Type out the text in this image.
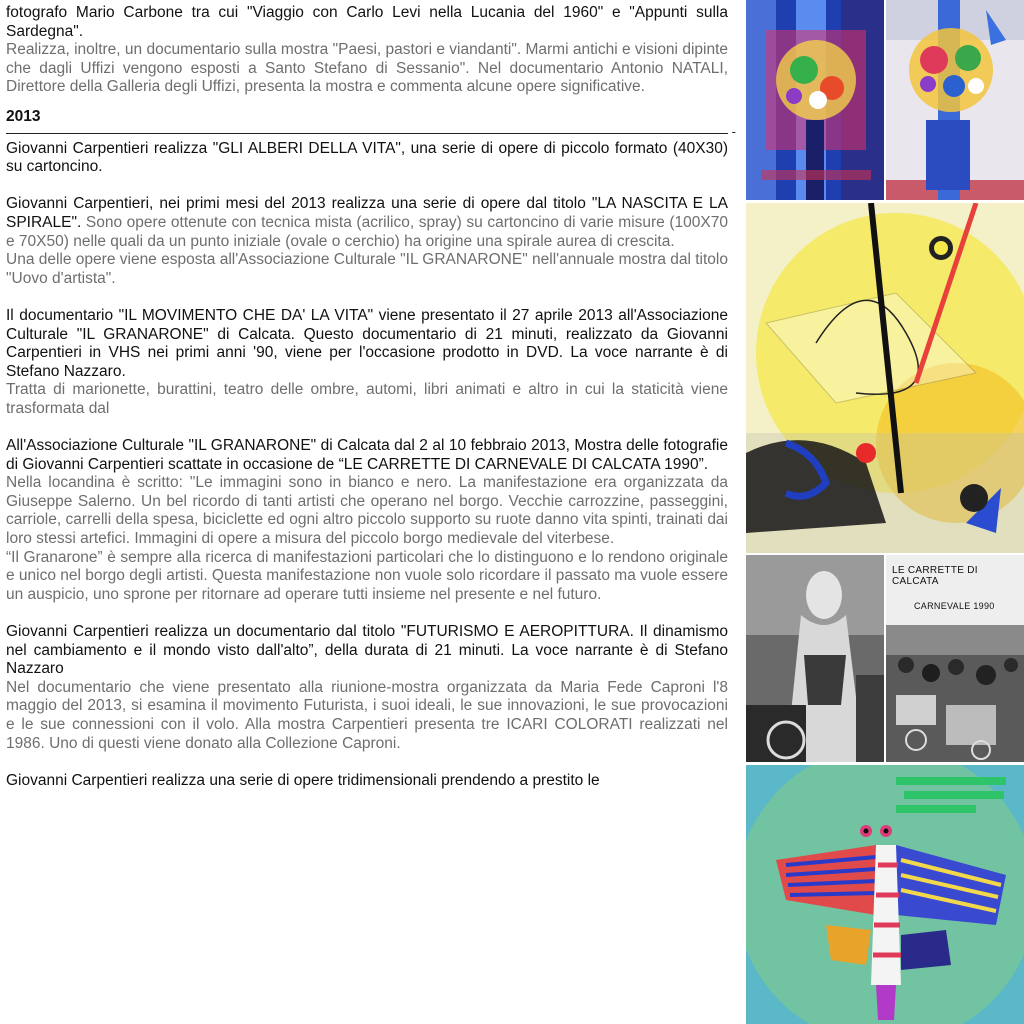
fotografo Mario Carbone tra cui "Viaggio con Carlo Levi nella Lucania del 1960" e "Appunti sulla Sardegna".

Realizza, inoltre, un documentario sulla mostra "Paesi, pastori e viandanti". Marmi antichi e visioni dipinte che dagli Uffizi vengono esposti a Santo Stefano di Sessanio". Nel documentario Antonio NATALI, Direttore della Galleria degli Uffizi, presenta la mostra e commenta alcune opere significative.

2013
-

Giovanni Carpentieri realizza "GLI ALBERI DELLA VITA", una serie di opere di piccolo formato (40X30) su cartoncino.

Giovanni Carpentieri, nei primi mesi del 2013 realizza una serie di opere dal titolo "LA NASCITA E LA SPIRALE". Sono opere ottenute con tecnica mista (acrilico, spray) su cartoncino di varie misure (100X70 e 70X50) nelle quali da un punto iniziale (ovale o cerchio) ha origine una spirale aurea di crescita.

Una delle opere viene esposta all'Associazione Culturale "IL GRANARONE" nell'annuale mostra dal titolo "Uovo d'artista".

Il documentario "IL MOVIMENTO CHE DA' LA VITA" viene presentato il 27 aprile 2013 all'Associazione Culturale "IL GRANARONE" di Calcata. Questo documentario di 21 minuti, realizzato da Giovanni Carpentieri in VHS nei primi anni '90, viene per l'occasione prodotto in DVD. La voce narrante è di Stefano Nazzaro.

Tratta di marionette, burattini, teatro delle ombre, automi, libri animati e altro in cui la staticità viene trasformata dal

All'Associazione Culturale "IL GRANARONE" di Calcata dal 2 al 10 febbraio 2013, Mostra delle fotografie di Giovanni Carpentieri scattate in occasione de “LE CARRETTE DI CARNEVALE DI CALCATA 1990”.

Nella locandina è scritto: "Le immagini sono in bianco e nero. La manifestazione era organizzata da Giuseppe Salerno. Un bel ricordo di tanti artisti che operano nel borgo. Vecchie carrozzine, passeggini, carriole, carrelli della spesa, biciclette ed ogni altro piccolo supporto su ruote danno vita spinti, trainati dai loro stessi artefici. Immagini di opere a misura del piccolo borgo medievale del viterbese.

“Il Granarone” è sempre alla ricerca di manifestazioni particolari che lo distinguono e lo rendono originale e unico nel borgo degli artisti. Questa manifestazione non vuole solo ricordare il passato ma vuole essere un auspicio, uno sprone per ritornare ad operare tutti insieme nel presente e nel futuro.

Giovanni Carpentieri realizza un documentario dal titolo "FUTURISMO E AEROPITTURA. Il dinamismo nel cambiamento e il mondo visto dall'alto”, della durata di 21 minuti. La voce narrante è di Stefano Nazzaro

Nel documentario che viene presentato alla riunione-mostra organizzata da Maria Fede Caproni l'8 maggio del 2013, si esamina il movimento Futurista, i suoi ideali, le sue innovazioni, le sue provocazioni e le sue connessioni con il volo. Alla mostra Carpentieri presenta tre ICARI COLORATI realizzati nel 1986. Uno di questi viene donato alla Collezione Caproni.

Giovanni Carpentieri realizza una serie di opere tridimensionali prendendo a prestito le

LE CARRETTE DI CALCATA
CARNEVALE 1990
